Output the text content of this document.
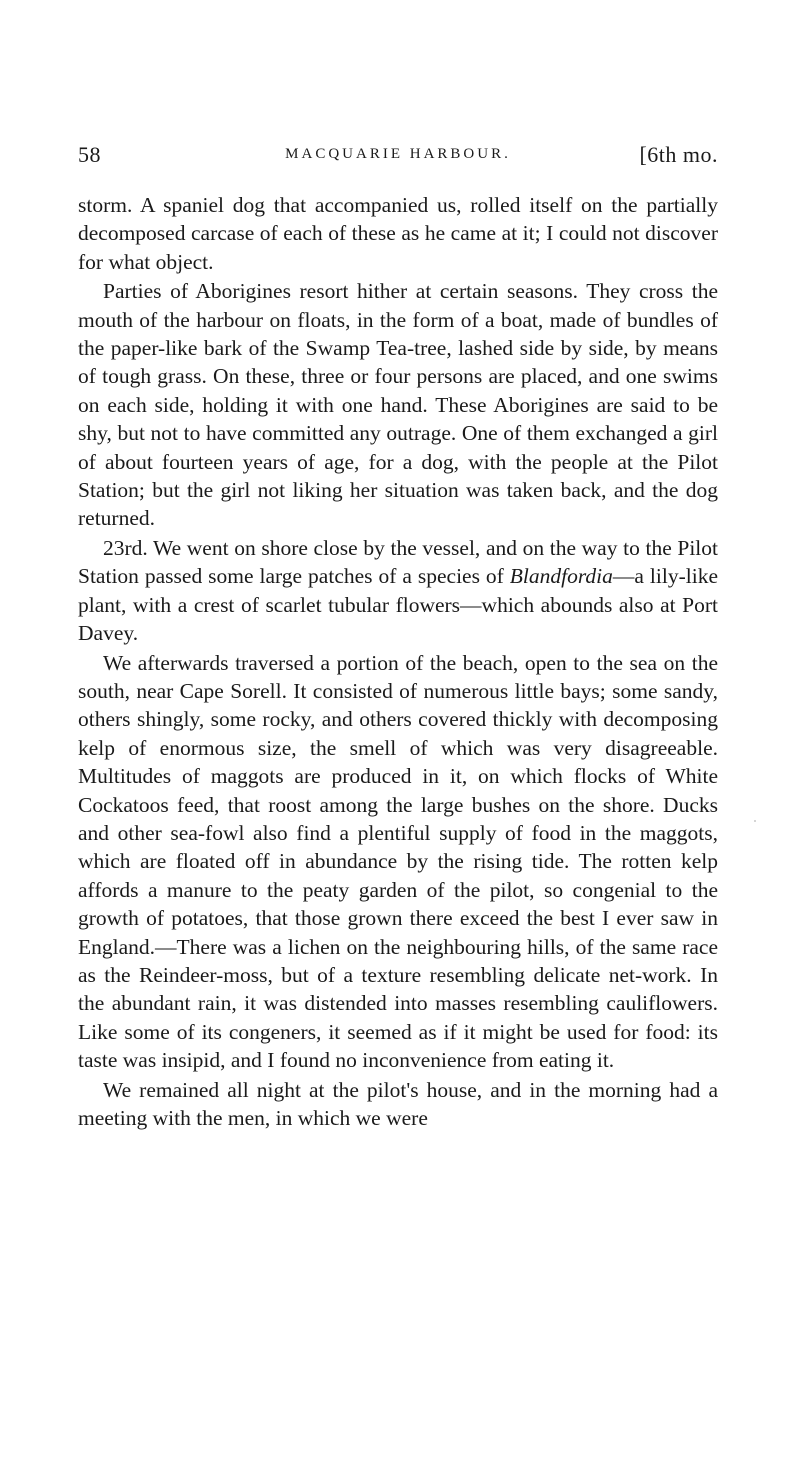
58	MACQUARIE HARBOUR.	[6th mo.

storm. A spaniel dog that accompanied us, rolled itself on the partially decomposed carcase of each of these as he came at it; I could not discover for what object.

Parties of Aborigines resort hither at certain seasons. They cross the mouth of the harbour on floats, in the form of a boat, made of bundles of the paper-like bark of the Swamp Tea-tree, lashed side by side, by means of tough grass. On these, three or four persons are placed, and one swims on each side, holding it with one hand. These Aborigines are said to be shy, but not to have committed any outrage. One of them exchanged a girl of about fourteen years of age, for a dog, with the people at the Pilot Station; but the girl not liking her situation was taken back, and the dog returned.

23rd. We went on shore close by the vessel, and on the way to the Pilot Station passed some large patches of a species of Blandfordia—a lily-like plant, with a crest of scarlet tubular flowers—which abounds also at Port Davey.

We afterwards traversed a portion of the beach, open to the sea on the south, near Cape Sorell. It consisted of numerous little bays; some sandy, others shingly, some rocky, and others covered thickly with decomposing kelp of enormous size, the smell of which was very disagreeable. Multitudes of maggots are produced in it, on which flocks of White Cockatoos feed, that roost among the large bushes on the shore. Ducks and other sea-fowl also find a plentiful supply of food in the maggots, which are floated off in abundance by the rising tide. The rotten kelp affords a manure to the peaty garden of the pilot, so congenial to the growth of potatoes, that those grown there exceed the best I ever saw in England.—There was a lichen on the neighbouring hills, of the same race as the Reindeer-moss, but of a texture resembling delicate net-work. In the abundant rain, it was distended into masses resembling cauliflowers. Like some of its congeners, it seemed as if it might be used for food: its taste was insipid, and I found no inconvenience from eating it.

We remained all night at the pilot's house, and in the morning had a meeting with the men, in which we were
